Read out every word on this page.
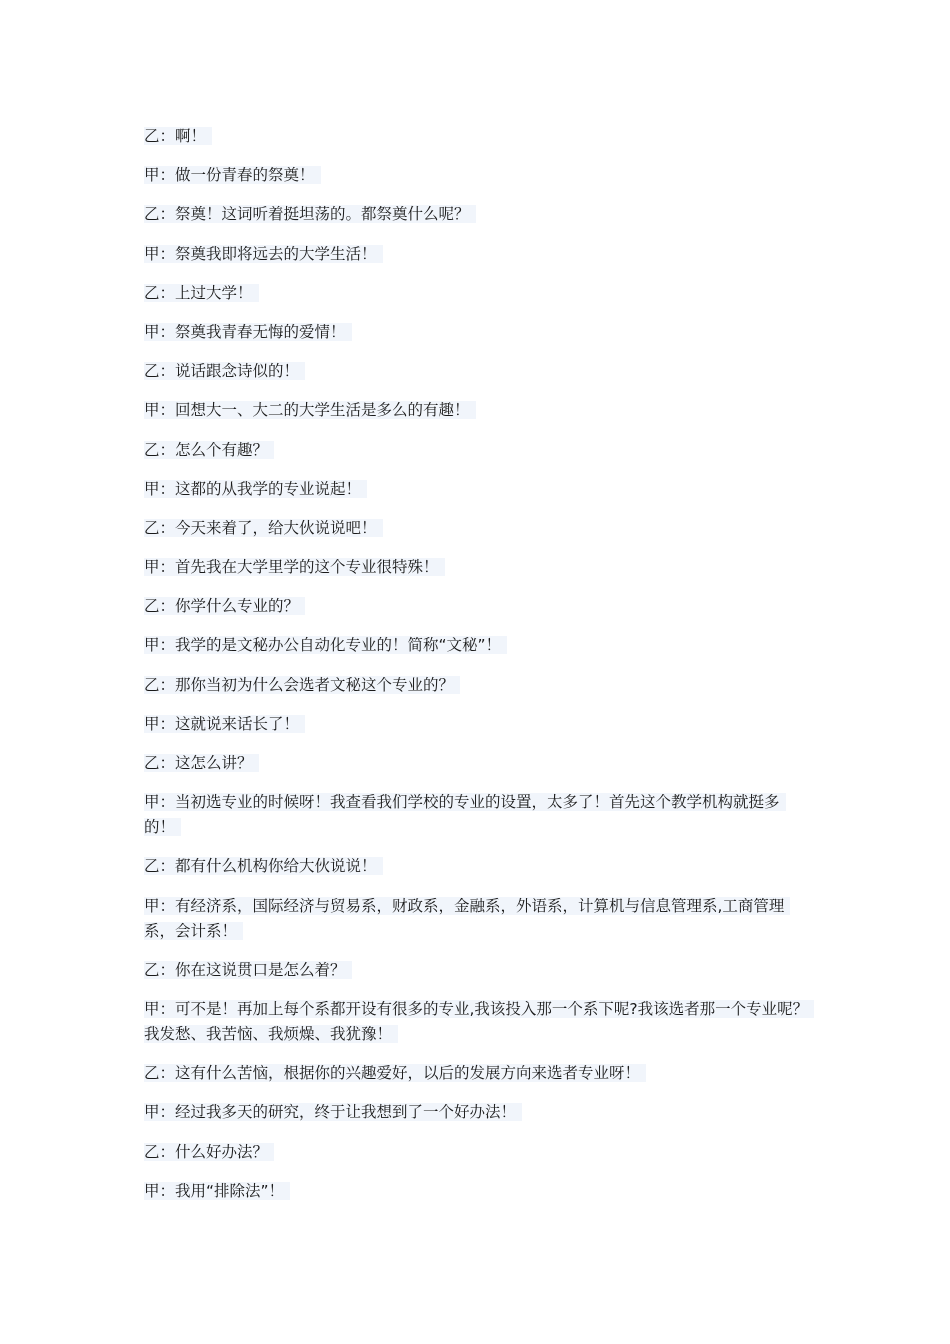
乙：啊！

甲：做一份青春的祭奠！

乙：祭奠！这词听着挺坦荡的。都祭奠什么呢？

甲：祭奠我即将远去的大学生活！

乙：上过大学！

甲：祭奠我青春无悔的爱情！

乙：说话跟念诗似的！

甲：回想大一、大二的大学生活是多么的有趣！

乙：怎么个有趣？

甲：这都的从我学的专业说起！

乙：今天来着了，给大伙说说吧！

甲：首先我在大学里学的这个专业很特殊！

乙：你学什么专业的？

甲：我学的是文秘办公自动化专业的！简称“文秘”！

乙：那你当初为什么会选者文秘这个专业的？

甲：这就说来话长了！

乙：这怎么讲？

甲：当初选专业的时候呀！我查看我们学校的专业的设置，太多了！首先这个教学机构就挺多的！

乙：都有什么机构你给大伙说说！

甲：有经济系，国际经济与贸易系，财政系，金融系，外语系，计算机与信息管理系,工商管理系，会计系！

乙：你在这说贯口是怎么着？

甲：可不是！再加上每个系都开设有很多的专业,我该投入那一个系下呢?我该选者那一个专业呢？我发愁、我苦恼、我烦燥、我犹豫！

乙：这有什么苦恼，根据你的兴趣爱好，以后的发展方向来选者专业呀！

甲：经过我多天的研究，终于让我想到了一个好办法！

乙：什么好办法？

甲：我用“排除法”！
